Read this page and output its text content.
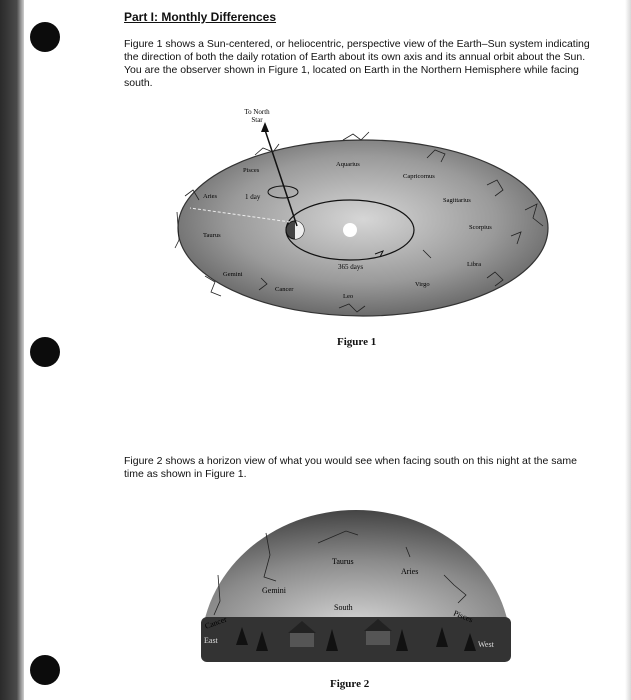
Part I: Monthly Differences
Figure 1 shows a Sun-centered, or heliocentric, perspective view of the Earth–Sun system indicating the direction of both the daily rotation of Earth about its own axis and its annual orbit about the Sun. You are the observer shown in Figure 1, located on Earth in the Northern Hemisphere while facing south.
To North
Star
1 day
365 days
Pisces
Aquarius
Capricornus
Sagittarius
Scorpius
Libra
Virgo
Leo
Cancer
Gemini
Taurus
Aries
Figure 1
Figure 2 shows a horizon view of what you would see when facing south on this night at the same time as shown in Figure 1.
Taurus
Aries
Gemini
Pisces
Cancer
South
East	West
Figure 2
